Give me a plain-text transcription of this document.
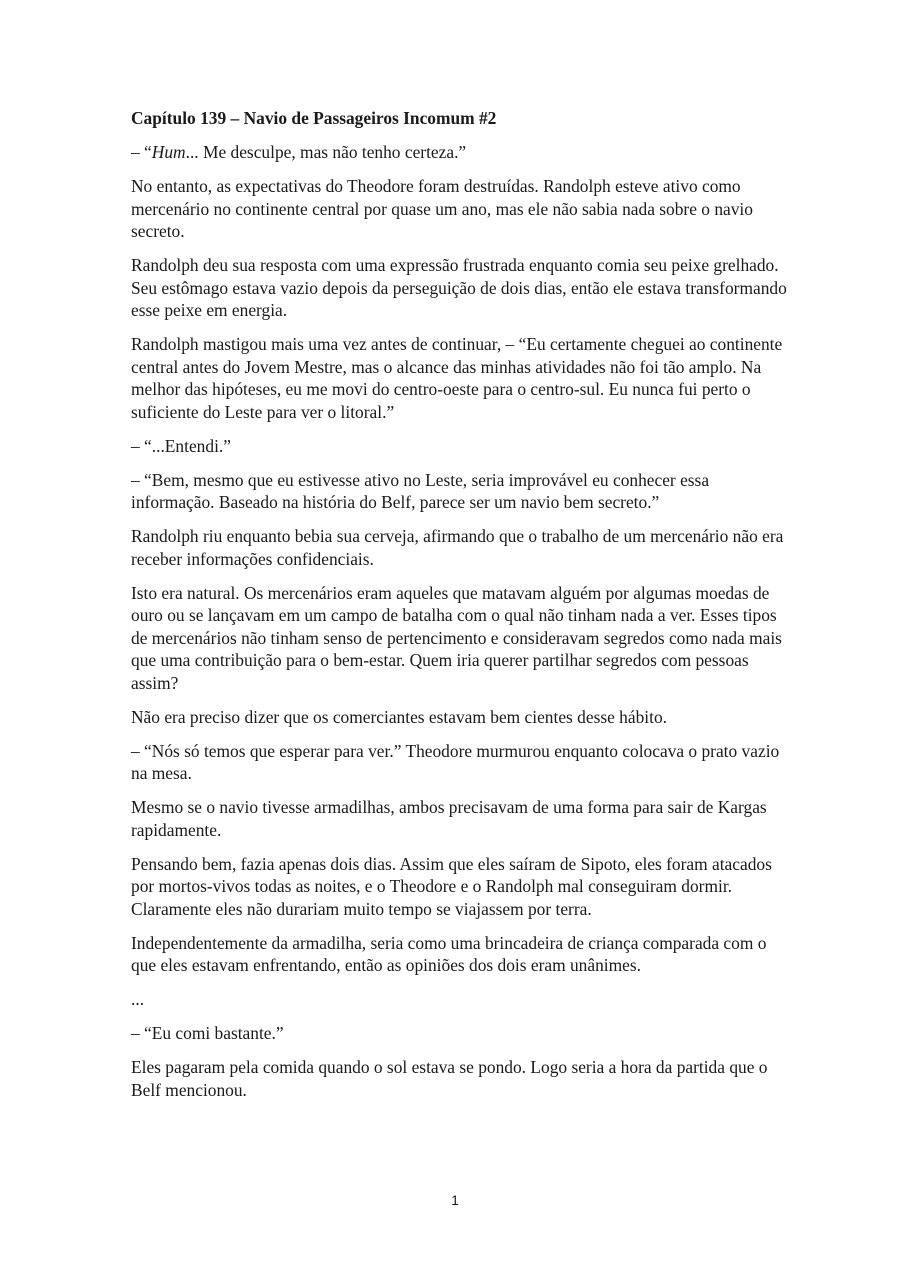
Capítulo 139 – Navio de Passageiros Incomum #2

– “Hum... Me desculpe, mas não tenho certeza.”

No entanto, as expectativas do Theodore foram destruídas. Randolph esteve ativo como mercenário no continente central por quase um ano, mas ele não sabia nada sobre o navio secreto.

Randolph deu sua resposta com uma expressão frustrada enquanto comia seu peixe grelhado. Seu estômago estava vazio depois da perseguição de dois dias, então ele estava transformando esse peixe em energia.

Randolph mastigou mais uma vez antes de continuar, – “Eu certamente cheguei ao continente central antes do Jovem Mestre, mas o alcance das minhas atividades não foi tão amplo. Na melhor das hipóteses, eu me movi do centro-oeste para o centro-sul. Eu nunca fui perto o suficiente do Leste para ver o litoral.”

– “...Entendi.”

– “Bem, mesmo que eu estivesse ativo no Leste, seria improvável eu conhecer essa informação. Baseado na história do Belf, parece ser um navio bem secreto.”

Randolph riu enquanto bebia sua cerveja, afirmando que o trabalho de um mercenário não era receber informações confidenciais.

Isto era natural. Os mercenários eram aqueles que matavam alguém por algumas moedas de ouro ou se lançavam em um campo de batalha com o qual não tinham nada a ver. Esses tipos de mercenários não tinham senso de pertencimento e consideravam segredos como nada mais que uma contribuição para o bem-estar. Quem iria querer partilhar segredos com pessoas assim?

Não era preciso dizer que os comerciantes estavam bem cientes desse hábito.

– “Nós só temos que esperar para ver.” Theodore murmurou enquanto colocava o prato vazio na mesa.

Mesmo se o navio tivesse armadilhas, ambos precisavam de uma forma para sair de Kargas rapidamente.

Pensando bem, fazia apenas dois dias. Assim que eles saíram de Sipoto, eles foram atacados por mortos-vivos todas as noites, e o Theodore e o Randolph mal conseguiram dormir. Claramente eles não durariam muito tempo se viajassem por terra.

Independentemente da armadilha, seria como uma brincadeira de criança comparada com o que eles estavam enfrentando, então as opiniões dos dois eram unânimes.

...

– “Eu comi bastante.”

Eles pagaram pela comida quando o sol estava se pondo. Logo seria a hora da partida que o Belf mencionou.

1
